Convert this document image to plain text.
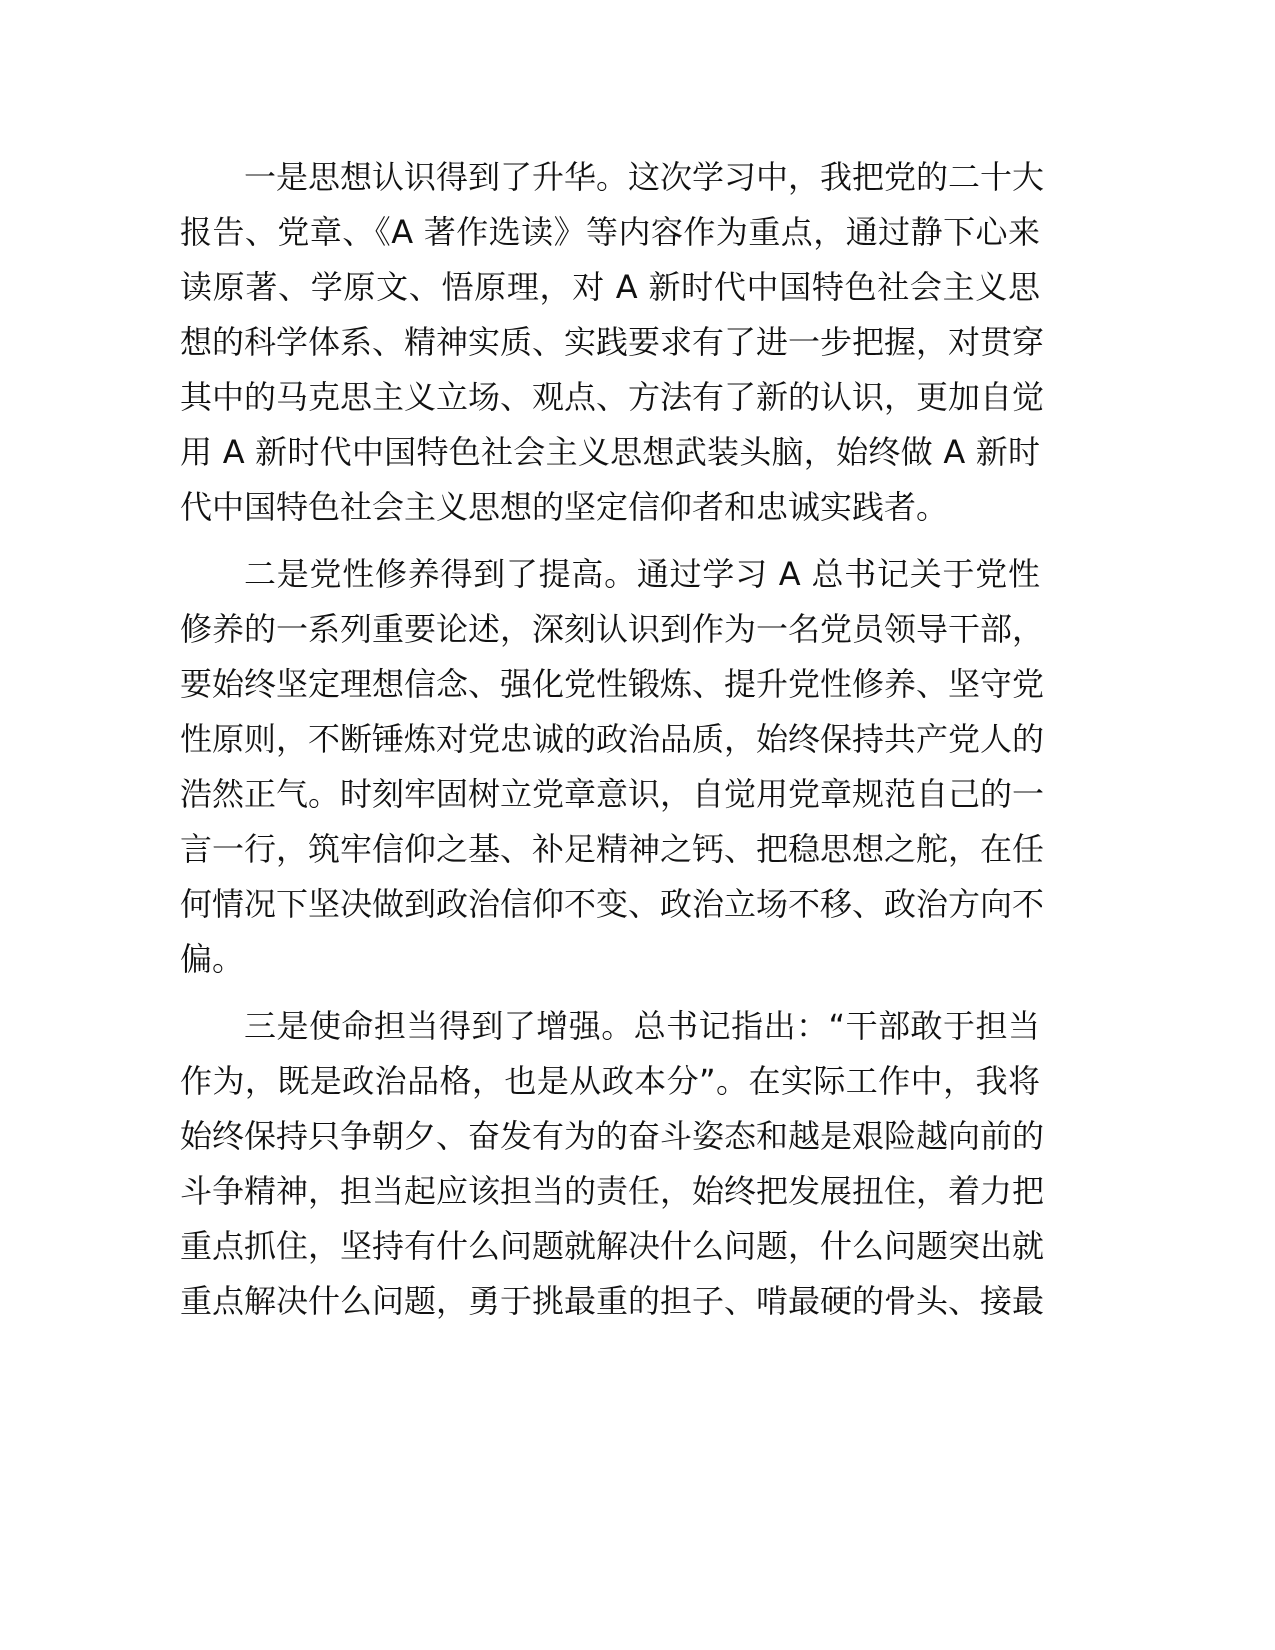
一是思想认识得到了升华。这次学习中，我把党的二十大
报告、党章、《A 著作选读》等内容作为重点，通过静下心来
读原著、学原文、悟原理，对 A 新时代中国特色社会主义思
想的科学体系、精神实质、实践要求有了进一步把握，对贯穿
其中的马克思主义立场、观点、方法有了新的认识，更加自觉
用 A 新时代中国特色社会主义思想武装头脑，始终做 A 新时
代中国特色社会主义思想的坚定信仰者和忠诚实践者。

二是党性修养得到了提高。通过学习 A 总书记关于党性
修养的一系列重要论述，深刻认识到作为一名党员领导干部，
要始终坚定理想信念、强化党性锻炼、提升党性修养、坚守党
性原则，不断锤炼对党忠诚的政治品质，始终保持共产党人的
浩然正气。时刻牢固树立党章意识，自觉用党章规范自己的一
言一行，筑牢信仰之基、补足精神之钙、把稳思想之舵，在任
何情况下坚决做到政治信仰不变、政治立场不移、政治方向不
偏。

三是使命担当得到了增强。总书记指出：“干部敢于担当
作为，既是政治品格，也是从政本分”。在实际工作中，我将
始终保持只争朝夕、奋发有为的奋斗姿态和越是艰险越向前的
斗争精神，担当起应该担当的责任，始终把发展扭住，着力把
重点抓住，坚持有什么问题就解决什么问题，什么问题突出就
重点解决什么问题，勇于挑最重的担子、啃最硬的骨头、接最
